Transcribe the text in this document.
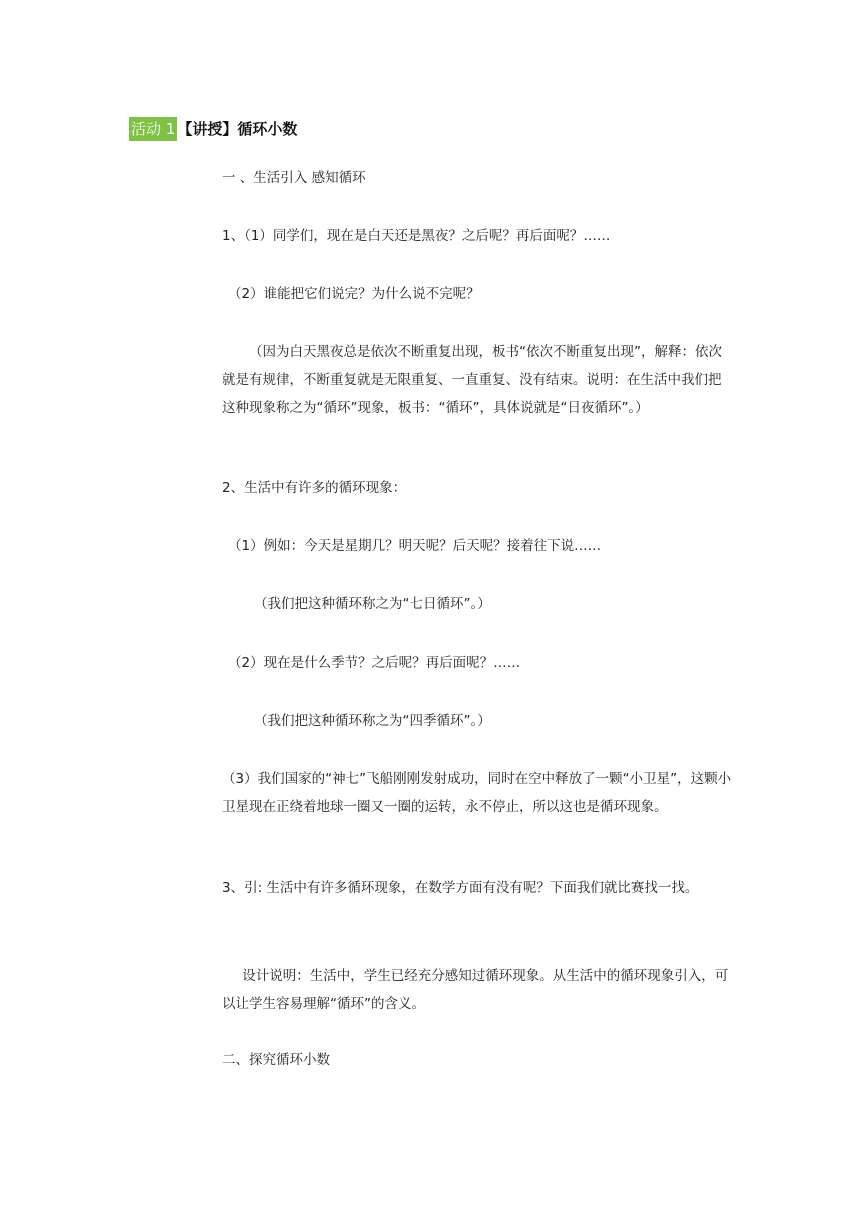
活动 1 【讲授】循环小数

一 、生活引入 感知循环

1、（1）同学们，现在是白天还是黑夜？之后呢？再后面呢？……

（2）谁能把它们说完？为什么说不完呢？

（因为白天黑夜总是依次不断重复出现，板书“依次不断重复出现”，解释：依次就是有规律，不断重复就是无限重复、一直重复、没有结束。说明：在生活中我们把这种现象称之为“循环”现象，板书：“循环”，具体说就是“日夜循环”。）

2、生活中有许多的循环现象：

（1）例如：今天是星期几？明天呢？后天呢？接着往下说……

（我们把这种循环称之为“七日循环”。）

（2）现在是什么季节？之后呢？再后面呢？……

（我们把这种循环称之为“四季循环”。）

（3）我们国家的“神七”飞船刚刚发射成功，同时在空中释放了一颗“小卫星”，这颗小卫星现在正绕着地球一圈又一圈的运转，永不停止，所以这也是循环现象。

3、引: 生活中有许多循环现象，在数学方面有没有呢？下面我们就比赛找一找。

设计说明：生活中，学生已经充分感知过循环现象。从生活中的循环现象引入，可以让学生容易理解“循环”的含义。

二、探究循环小数
